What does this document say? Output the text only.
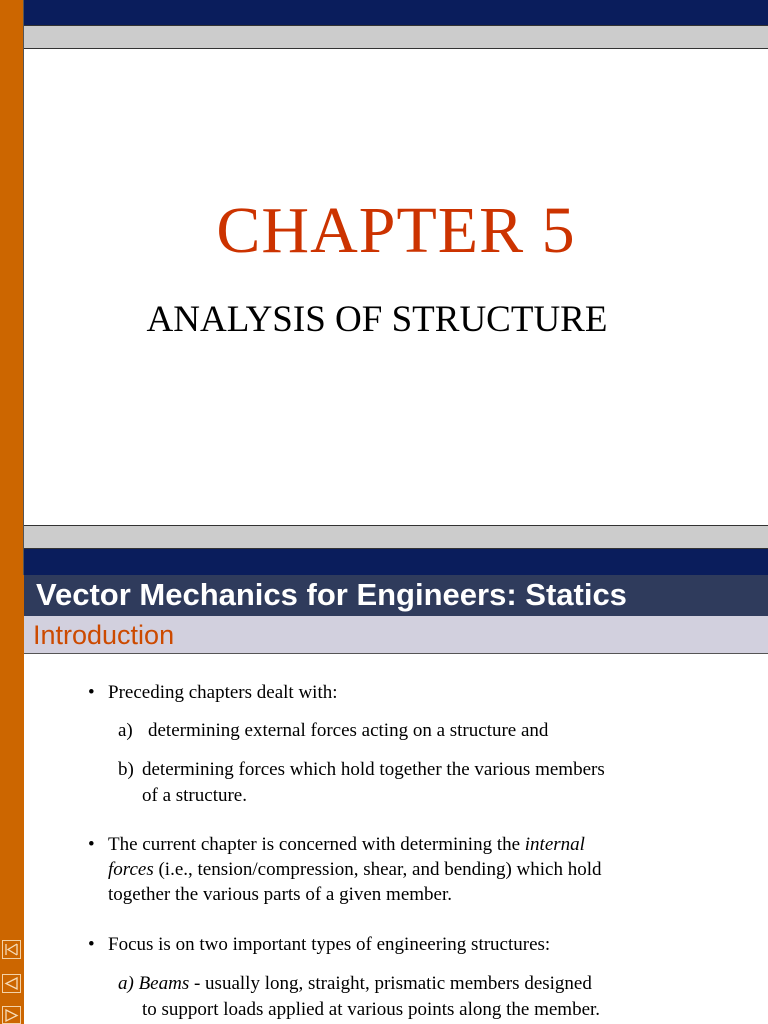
CHAPTER 5
ANALYSIS OF STRUCTURE
Vector Mechanics for Engineers: Statics
Introduction
• Preceding chapters dealt with:
a) determining external forces acting on a structure and
b) determining forces which hold together the various members
of a structure.
• The current chapter is concerned with determining the internal
forces (i.e., tension/compression, shear, and bending) which hold
together the various parts of a given member.
• Focus is on two important types of engineering structures:
a) Beams - usually long, straight, prismatic members designed
to support loads applied at various points along the member.
